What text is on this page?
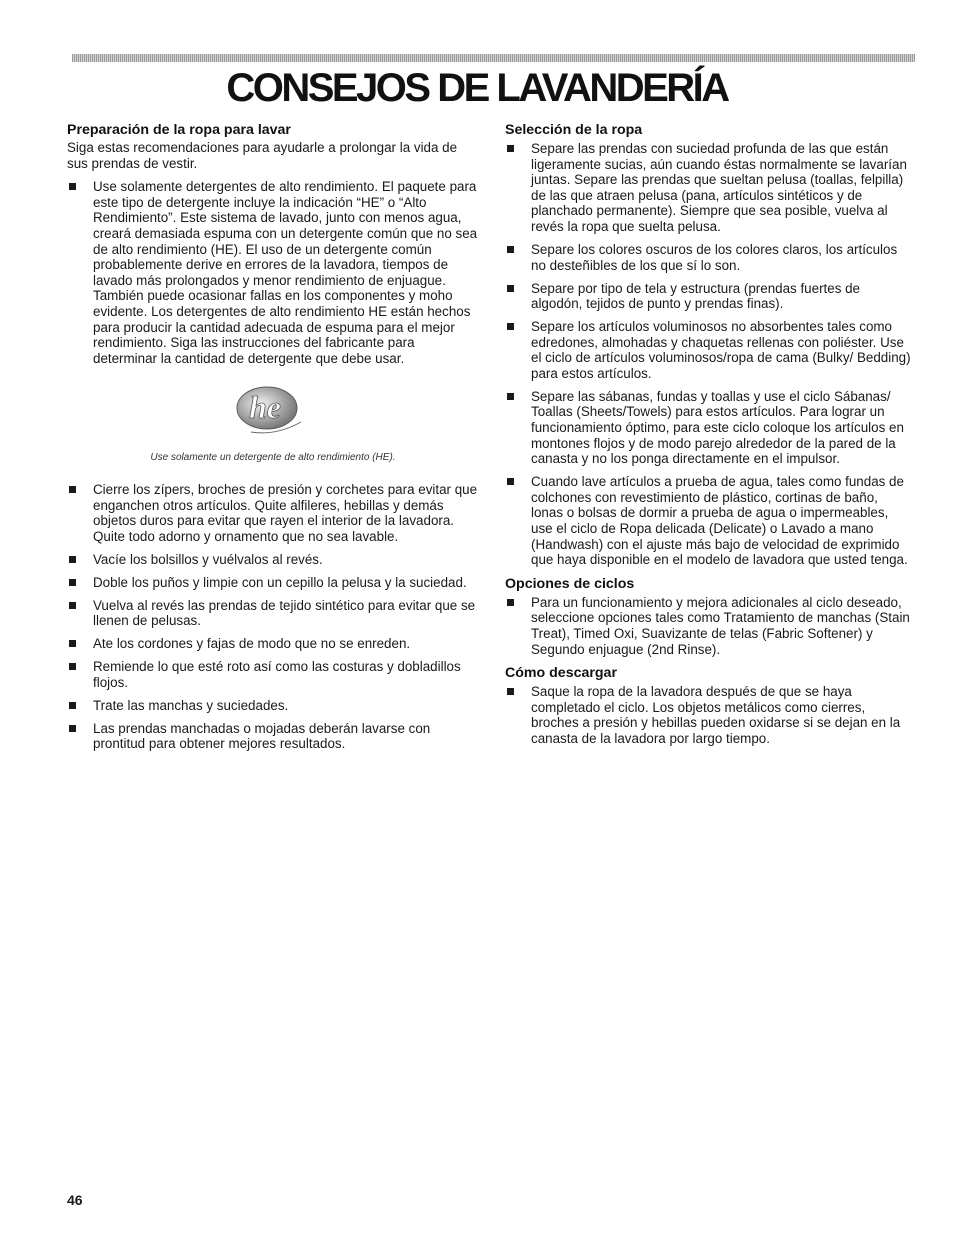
CONSEJOS DE LAVANDERÍA
Preparación de la ropa para lavar

Siga estas recomendaciones para ayudarle a prolongar la vida de sus prendas de vestir.

Use solamente detergentes de alto rendimiento. El paquete para este tipo de detergente incluye la indicación “HE” o “Alto Rendimiento”. Este sistema de lavado, junto con menos agua, creará demasiada espuma con un detergente común que no sea de alto rendimiento (HE). El uso de un detergente común probablemente derive en errores de la lavadora, tiempos de lavado más prolongados y menor rendimiento de enjuague. También puede ocasionar fallas en los componentes y moho evidente. Los detergentes de alto rendimiento HE están hechos para producir la cantidad adecuada de espuma para el mejor rendimiento. Siga las instrucciones del fabricante para determinar la cantidad de detergente que debe usar.
he
Use solamente un detergente de alto rendimiento (HE).
Cierre los zípers, broches de presión y corchetes para evitar que enganchen otros artículos. Quite alfileres, hebillas y demás objetos duros para evitar que rayen el interior de la lavadora. Quite todo adorno y ornamento que no sea lavable.
Vacíe los bolsillos y vuélvalos al revés.
Doble los puños y limpie con un cepillo la pelusa y la suciedad.
Vuelva al revés las prendas de tejido sintético para evitar que se llenen de pelusas.
Ate los cordones y fajas de modo que no se enreden.
Remiende lo que esté roto así como las costuras y dobladillos flojos.
Trate las manchas y suciedades.
Las prendas manchadas o mojadas deberán lavarse con prontitud para obtener mejores resultados.
Selección de la ropa
Separe las prendas con suciedad profunda de las que están ligeramente sucias, aún cuando éstas normalmente se lavarían juntas. Separe las prendas que sueltan pelusa (toallas, felpilla) de las que atraen pelusa (pana, artículos sintéticos y de planchado permanente). Siempre que sea posible, vuelva al revés la ropa que suelta pelusa.
Separe los colores oscuros de los colores claros, los artículos no desteñibles de los que sí lo son.
Separe por tipo de tela y estructura (prendas fuertes de algodón, tejidos de punto y prendas finas).
Separe los artículos voluminosos no absorbentes tales como edredones, almohadas y chaquetas rellenas con poliéster. Use el ciclo de artículos voluminosos/ropa de cama (Bulky/ Bedding) para estos artículos.
Separe las sábanas, fundas y toallas y use el ciclo Sábanas/ Toallas (Sheets/Towels) para estos artículos. Para lograr un funcionamiento óptimo, para este ciclo coloque los artículos en montones flojos y de modo parejo alrededor de la pared de la canasta y no los ponga directamente en el impulsor.
Cuando lave artículos a prueba de agua, tales como fundas de colchones con revestimiento de plástico, cortinas de baño, lonas o bolsas de dormir a prueba de agua o impermeables, use el ciclo de Ropa delicada (Delicate) o Lavado a mano (Handwash) con el ajuste más bajo de velocidad de exprimido que haya disponible en el modelo de lavadora que usted tenga.
Opciones de ciclos
Para un funcionamiento y mejora adicionales al ciclo deseado, seleccione opciones tales como Tratamiento de manchas (Stain Treat), Timed Oxi, Suavizante de telas (Fabric Softener) y Segundo enjuague (2nd Rinse).
Cómo descargar
Saque la ropa de la lavadora después de que se haya completado el ciclo. Los objetos metálicos como cierres, broches a presión y hebillas pueden oxidarse si se dejan en la canasta de la lavadora por largo tiempo.
46
